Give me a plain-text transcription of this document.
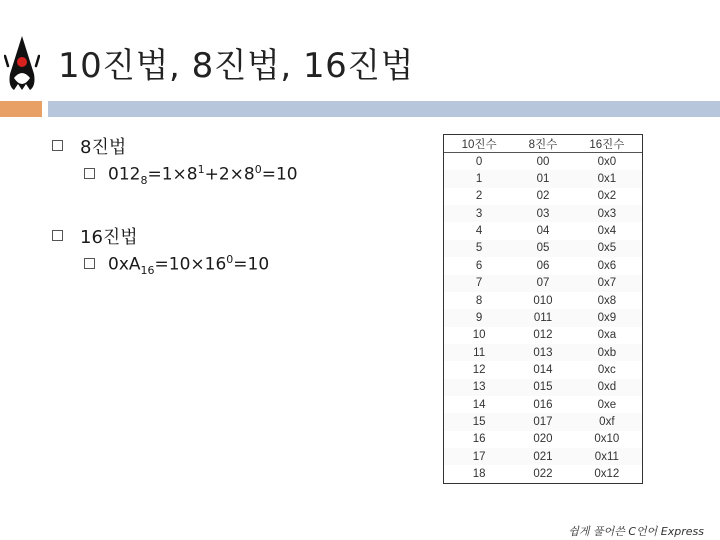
10진법, 8진법, 16진법
8진법
$012_8=1\times 8^1+2\times 8^0=10$
16진법
$0xA_{16}=10\times 16^0=10$
10진수	8진수	16진수
0	00	0x0
1	01	0x1
2	02	0x2
3	03	0x3
4	04	0x4
5	05	0x5
6	06	0x6
7	07	0x7
8	010	0x8
9	011	0x9
10	012	0xa
11	013	0xb
12	014	0xc
13	015	0xd
14	016	0xe
15	017	0xf
16	020	0x10
17	021	0x11
18	022	0x12
쉽게 풀어쓴 C언어 Express
